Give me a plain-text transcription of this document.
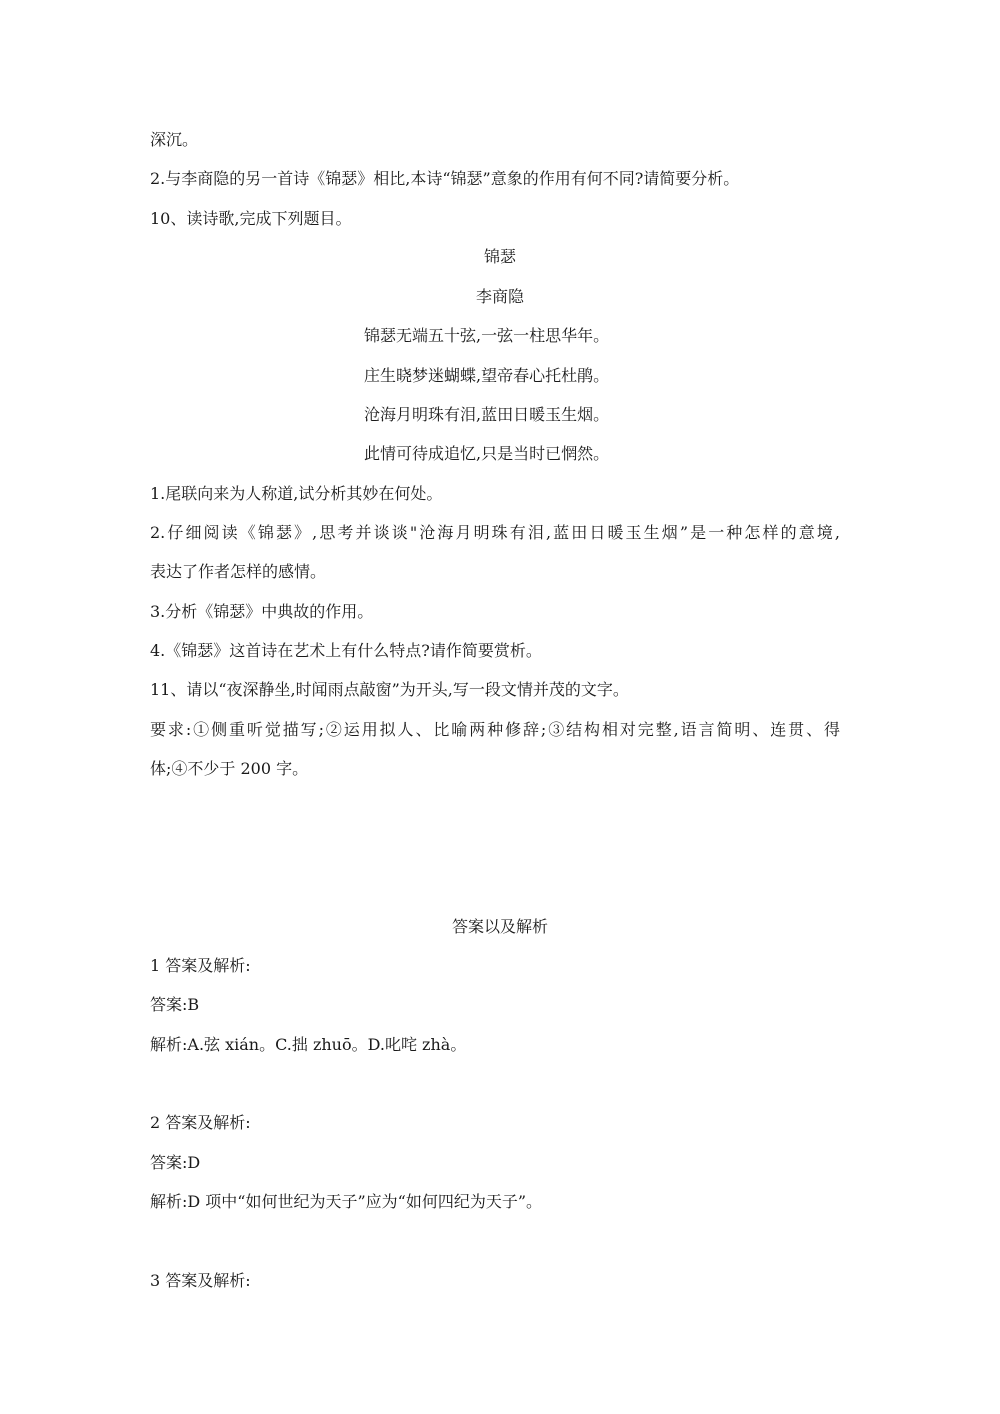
深沉。
2.与李商隐的另一首诗《锦瑟》相比,本诗“锦瑟”意象的作用有何不同?请简要分析。
10、读诗歌,完成下列题目。
锦瑟
李商隐
锦瑟无端五十弦,一弦一柱思华年。
庄生晓梦迷蝴蝶,望帝春心托杜鹃。
沧海月明珠有泪,蓝田日暖玉生烟。
此情可待成追忆,只是当时已惘然。
1.尾联向来为人称道,试分析其妙在何处。
2.仔细阅读《锦瑟》,思考并谈谈"沧海月明珠有泪,蓝田日暖玉生烟”是一种怎样的意境,
表达了作者怎样的感情。
3.分析《锦瑟》中典故的作用。
4.《锦瑟》这首诗在艺术上有什么特点?请作简要赏析。
11、请以“夜深静坐,时闻雨点敲窗”为开头,写一段文情并茂的文字。
要求:①侧重听觉描写;②运用拟人、比喻两种修辞;③结构相对完整,语言简明、连贯、得
体;④不少于 200 字。
答案以及解析
1 答案及解析:
答案:B
解析:A.弦 xián。C.拙 zhuō。D.叱咤 zhà。
2 答案及解析:
答案:D
解析:D 项中“如何世纪为天子”应为“如何四纪为天子”。
3 答案及解析:
